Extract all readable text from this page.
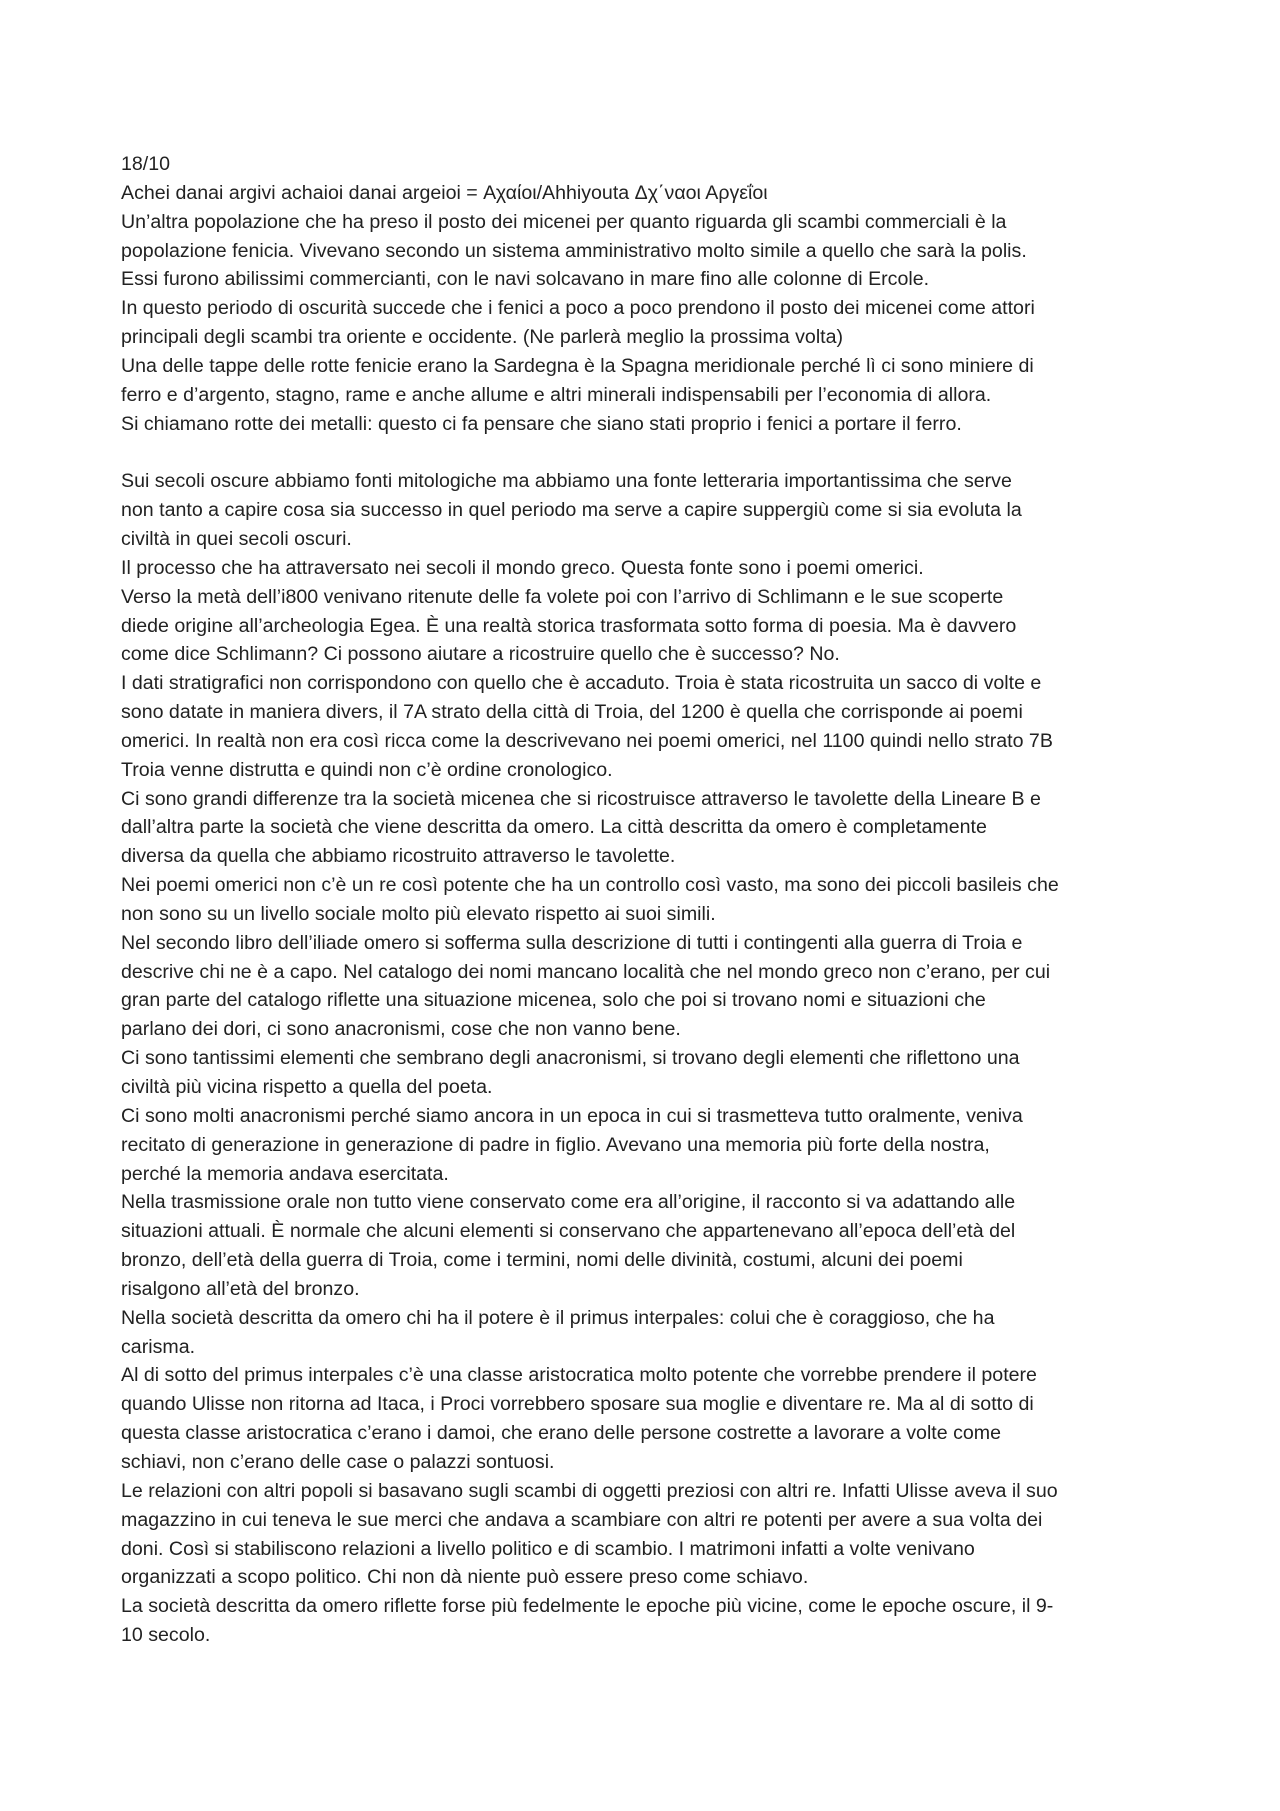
18/10
Achei danai argivi achaioi danai argeioi = Αχαίοι/Ahhiyouta Δχ΄ναοι Αργεΐοι
Un’altra popolazione che ha preso il posto dei micenei per quanto riguarda gli scambi commerciali è la
popolazione fenicia. Vivevano secondo un sistema amministrativo molto simile a quello che sarà la polis.
Essi furono abilissimi commercianti, con le navi solcavano in mare fino alle colonne di Ercole.
In questo periodo di oscurità succede che i fenici a poco a poco prendono il posto dei micenei come attori
principali degli scambi tra oriente e occidente. (Ne parlerà meglio la prossima volta)
Una delle tappe delle rotte fenicie erano la Sardegna è la Spagna meridionale perché lì ci sono miniere di
ferro e d’argento, stagno, rame e anche allume e altri minerali indispensabili per l’economia di allora.
Si chiamano rotte dei metalli: questo ci fa pensare che siano stati proprio i fenici a portare il ferro.
Sui secoli oscure abbiamo fonti mitologiche ma abbiamo una fonte letteraria importantissima che serve
non tanto a capire cosa sia successo in quel periodo ma serve a capire suppergiù come si sia evoluta la
civiltà in quei secoli oscuri.
Il processo che ha attraversato nei secoli il mondo greco. Questa fonte sono i poemi omerici.
Verso la metà dell’i800 venivano ritenute delle fa volete poi con l’arrivo di Schlimann e le sue scoperte
diede origine all’archeologia Egea. È una realtà storica trasformata sotto forma di poesia. Ma è davvero
come dice Schlimann? Ci possono aiutare a ricostruire quello che è successo? No.
I dati stratigrafici non corrispondono con quello che è accaduto. Troia è stata ricostruita un sacco di volte e
sono datate in maniera divers, il 7A strato della città di Troia, del 1200 è quella che corrisponde ai poemi
omerici. In realtà non era così ricca come la descrivevano nei poemi omerici, nel 1100 quindi nello strato 7B
Troia venne distrutta e quindi non c’è ordine cronologico.
Ci sono grandi differenze tra la società micenea che si ricostruisce attraverso le tavolette della Lineare B e
dall’altra parte la società che viene descritta da omero. La città descritta da omero è completamente
diversa da quella che abbiamo ricostruito attraverso le tavolette.
Nei poemi omerici non c’è un re così potente che ha un controllo così vasto, ma sono dei piccoli basileis che
non sono su un livello sociale molto più elevato rispetto ai suoi simili.
Nel secondo libro dell’iliade omero si sofferma sulla descrizione di tutti i contingenti alla guerra di Troia e
descrive chi ne è a capo. Nel catalogo dei nomi mancano località che nel mondo greco non c’erano, per cui
gran parte del catalogo riflette una situazione micenea, solo che poi si trovano nomi e situazioni che
parlano dei dori, ci sono anacronismi, cose che non vanno bene.
Ci sono tantissimi elementi che sembrano degli anacronismi, si trovano degli elementi che riflettono una
civiltà più vicina rispetto a quella del poeta.
Ci sono molti anacronismi perché siamo ancora in un epoca in cui si trasmetteva tutto oralmente, veniva
recitato di generazione in generazione di padre in figlio. Avevano una memoria più forte della nostra,
perché la memoria andava esercitata.
Nella trasmissione orale non tutto viene conservato come era all’origine, il racconto si va adattando alle
situazioni attuali. È normale che alcuni elementi si conservano che appartenevano all’epoca dell’età del
bronzo, dell’età della guerra di Troia, come i termini, nomi delle divinità, costumi, alcuni dei poemi
risalgono all’età del bronzo.
Nella società descritta da omero chi ha il potere è il primus interpales: colui che è coraggioso, che ha
carisma.
Al di sotto del primus interpales c’è una classe aristocratica molto potente che vorrebbe prendere il potere
quando Ulisse non ritorna ad Itaca, i Proci vorrebbero sposare sua moglie e diventare re. Ma al di sotto di
questa classe aristocratica c’erano i damoi, che erano delle persone costrette a lavorare a volte come
schiavi, non c’erano delle case o palazzi sontuosi.
Le relazioni con altri popoli si basavano sugli scambi di oggetti preziosi con altri re. Infatti Ulisse aveva il suo
magazzino in cui teneva le sue merci che andava a scambiare con altri re potenti per avere a sua volta dei
doni. Così si stabiliscono relazioni a livello politico e di scambio. I matrimoni infatti a volte venivano
organizzati a scopo politico. Chi non dà niente può essere preso come schiavo.
La società descritta da omero riflette forse più fedelmente le epoche più vicine, come le epoche oscure, il 9-
10 secolo.
